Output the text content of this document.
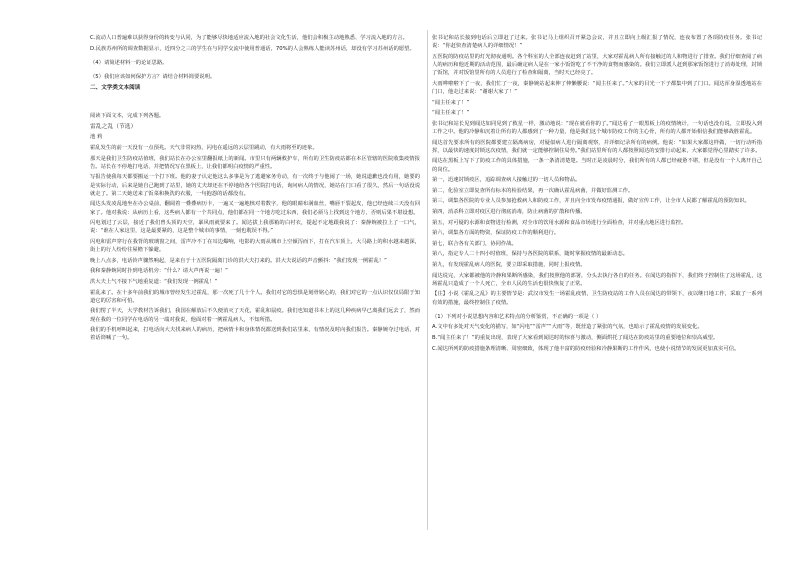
C.流动人口普遍难以获得身份的转变与认同，为了能够尽快地适应流入地的社会文化生活，他们会积极主动地熟悉、学习流入地的方言。

D.民族苏州所的调查数据显示，近四分之三的学生在与同学交流中使用普通话，70%的人会熟练人能读苏州话，却没有学习苏州话的愿望。

（4）请简述材料一的论证思路。

（5）我们应该如何保护方言？请结合材料简要说明。

二、文学类文本阅读

阅读下面文本，完成下列各题。

雷乱之乱（节选）

池 莉

霍乱发生的前一天没有一点预兆。天气非常闷热，闪电在遥远的云层里跳动，有大雨将至的迹象。

那天是我们卫生防疫站值班，我们站长在办公室里翻报纸上的新闻。市里只有两辆救护车，所有的卫生防疫站都在本区管辖的医院收集疫情报告。站长在不停地打电话，并把情况写在黑板上，让我们都明白疫情的严重性。

写报告使我每天都要搬运一个打下班。他的妻子认定他这么多事是为了逃避家务劳动，有一次终于与他闹了一场，她说道歉也没有用，她要的是实际行动，后来是她自己跑到了站里，她的丈夫却还在不停地给各个医院打电话，询问病人的情况，她站在门口看了很久，然后一句话没说就走了。第二天她送来了饭菜和换洗的衣服，一句抱怨的话都没有。

闻达头发凌乱地坐在办公桌前，翻阅着一叠叠病历卡，一遍又一遍地核对着数字，他的眼睛布满血丝，嘴唇干裂起皮，他已经连续三天没有回家了。他对我说：从病历上看，这些病人都有一个共同点，他们都在同一个地方吃过东西，我们必须马上找到这个地方，否则后果不堪设想。

闪电划过了云层，接近了我们曾头顶的天空，暴风雨就要来了。闻达拔上我那箱的白衬衣，提起不定地跟我说了：秦静婉被拉上了一口气，说：“谁在人家这里，这是最要紧的，这是整个城市的事情，一刻也耽误不得。”

闪电和雷声穿行在我背的玻璃窗之间，雷声冷不丁在耳边爆响，电影的大雨从城市上空倾泻而下，打在汽车顶上，大马路上的积水越来越深，街上的行人纷纷往屋檐下躲避。

晚上八点多，电话铃声骤然响起，是来自于十五医院隔离门诊的洪大夫打来的。洪大夫说话的声音颤抖：“我们发现一例霍乱！”

我和秦静婉同时扑到电话机旁：“什么？请大声再说一遍！”

洪大夫上气不接下气地重复道：“我们发现一例霍乱！”

霍乱来了。在十多年前我们的城市曾经发生过霍乱，那一次死了几十个人。我们对它的恐惧是刻骨铭心的，我们对它的一点认识仅仅局限于知道它的厉害和可怕。

我们愣了半天，大学教材告诉我们，我国在解放后不久便消灭了天花，霍乱和鼠疫。我们也知道书本上的这几种疾病早已离我们远去了，然而现在我的一位同学在电话的另一端对我说，他面对着一例霍乱病人，不知所措。

我们的手机呼叫起来，打电话向大夫找来病人的病历，把病情卡和身体情况都送到我们站里来，有情况及时向我们报告。秦静婉夺过电话，对着话筒喊了一句。

张书记和站长接到电话后立即赶了过来。张书记马上组织召开紧急会议，并且立即向上级汇报了情况，连夜布置了各项防疫任务。张书记说：“你赶快查清楚病人的详细情况！”

五医院的防疫站里的灯光彻夜通明。各个科室的人全部连夜赶到了站里，大家对霍乱病人所有接触过的人和物进行了排查。我们仔细查阅了病人的病历和他近期的活动范围，最后确定病人是在一家小饭馆吃了不干净的食物而感染的。我们立即派人赶到那家饭馆进行了消毒处理，封锁了饭馆，并对饭馆里所有的人员进行了检查和隔离，当时天已经亮了。

大雨哗啦啦下了一夜，我们忙了一夜，秦静婉站起来伸了伸懒腰说：“闻主任来了。”大家的目光一下子都集中到了门口。闻达浑身湿透地站在门口，他走过来说：“谢谢大家了！”

“闻主任来了！”

“闻主任来了！”

张书记和站长见到闻达如同见到了救星一样，激动地说：“现在就看你的了。”闻达看了一眼黑板上的疫情统计，一句话也没有说，立即投入到工作之中。他的冷静和沉着让所有的人都感到了一种力量，他是我们这个城市防疫工作的主心骨，所有的人都开始相信我们能够战胜霍乱。

闻达首先要求所有的医院都要建立隔离病房，对疑似病人进行隔离观察，并详细记录所有的病例。他说：“如果大家都这样做，一切行动听指挥，以最快的速度封锁这次疫情，我们就一定能够控制住局势。”我们站里所有的人都按照闻达的安排行动起来，大家都觉得心里踏实了许多。

闻达在黑板上写下了防疫工作的具体措施，一条一条清清楚楚。当时正是凌晨时分，我们所有的人都已经疲惫不堪，但是没有一个人离开自己的岗位。

第一，迅速封锁疫区，追踪调查病人接触过的一切人员和物品。

第二，化验室立即复查所有标本的检验结果，再一次确认霍乱病菌，并做好监测工作。

第三，调集各医院的专业人员参加抢救病人和防疫工作，并且向全市发布疫情通报，做好宣传工作，让全市人民都了解霍乱的预防知识。

第四，消杀科立即对疫区进行彻底消毒，防止病菌的扩散和传播。

第五，对可疑的水源和食物进行检测，对全市的饮用水源和食品市场进行全面检查，并对重点地区进行监控。

第六，调集各方面的物资，保证防疫工作的顺利进行。

第七，联合各有关部门，协同作战。

第八，指定专人二十四小时值班，保持与各医院的联系，随时掌握疫情的最新动态。

第九，有发现霍乱病人的医院，要立即采取措施，同时上报疫情。

闻达说完，大家都被他的冷静和果断所感染，我们按照他的部署，分头去执行各自的任务。在闻达的指挥下，我们终于控制住了这场霍乱，这场霍乱只造成了一个人死亡，全市人民的生活也很快恢复了正常。

【注】小说《霍乱之乱》的主要情节是：武汉市发生一场霍乱疫情，卫生防疫站的工作人员在闻达的带领下，夜以继日地工作，采取了一系列有效的措施，最终控制住了疫情。

（1）下列对小说思想内容和艺术特点的分析鉴赏，不正确的一项是（ ）

A.文中有多处对天气变化的描写，如“闪电”“雷声”“大雨”等，既营造了紧张的气氛，也暗示了霍乱疫情的发展变化。

B.“闻主任来了！”的重复出现，表现了大家看到闻达时的惊喜与激动，侧面烘托了闻达在防疫站里的重要地位和崇高威望。

C.闻达所列的防疫措施条理清晰、周密细致，体现了他丰富的防疫经验和冷静果断的工作作风，也使小说情节的发展更加真实可信。
